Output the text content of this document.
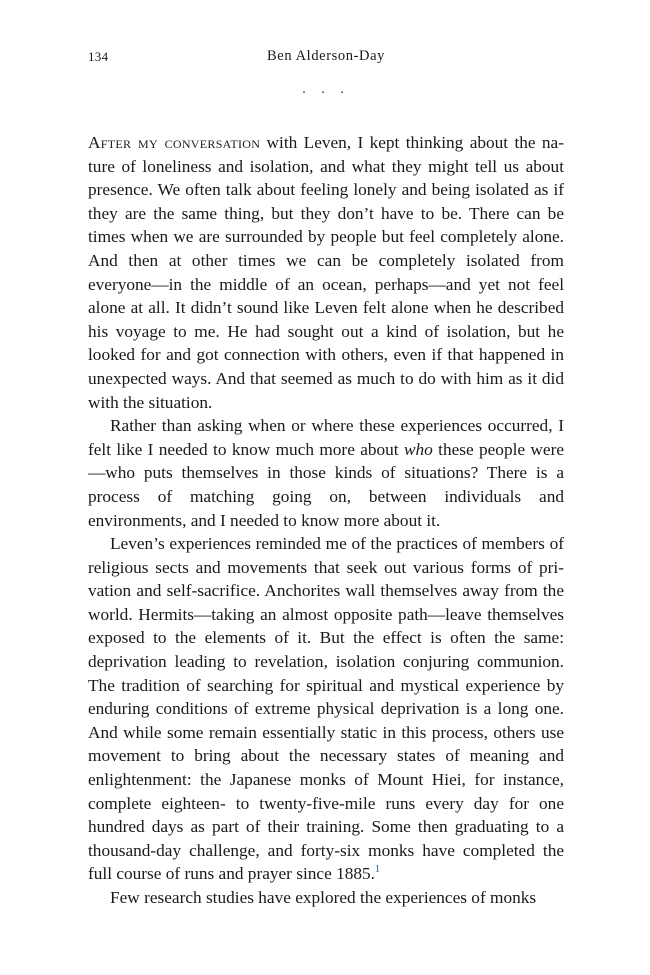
134	Ben Alderson-Day
. . .

After my conversation with Leven, I kept thinking about the nature of loneliness and isolation, and what they might tell us about presence. We often talk about feeling lonely and being isolated as if they are the same thing, but they don’t have to be. There can be times when we are surrounded by people but feel completely alone. And then at other times we can be completely isolated from everyone—in the middle of an ocean, perhaps—and yet not feel alone at all. It didn’t sound like Leven felt alone when he described his voyage to me. He had sought out a kind of isolation, but he looked for and got connection with others, even if that happened in unexpected ways. And that seemed as much to do with him as it did with the situation.

Rather than asking when or where these experiences occurred, I felt like I needed to know much more about who these people were—who puts themselves in those kinds of situations? There is a process of matching going on, between individuals and environments, and I needed to know more about it.

Leven’s experiences reminded me of the practices of members of religious sects and movements that seek out various forms of privation and self-sacrifice. Anchorites wall themselves away from the world. Hermits—taking an almost opposite path—leave themselves exposed to the elements of it. But the effect is often the same: deprivation leading to revelation, isolation conjuring communion. The tradition of searching for spiritual and mystical experience by enduring conditions of extreme physical deprivation is a long one. And while some remain essentially static in this process, others use movement to bring about the necessary states of meaning and enlightenment: the Japanese monks of Mount Hiei, for instance, complete eighteen- to twenty-five-mile runs every day for one hundred days as part of their training. Some then graduating to a thousand-day challenge, and forty-six monks have completed the full course of runs and prayer since 1885.$^1$

Few research studies have explored the experiences of monks
